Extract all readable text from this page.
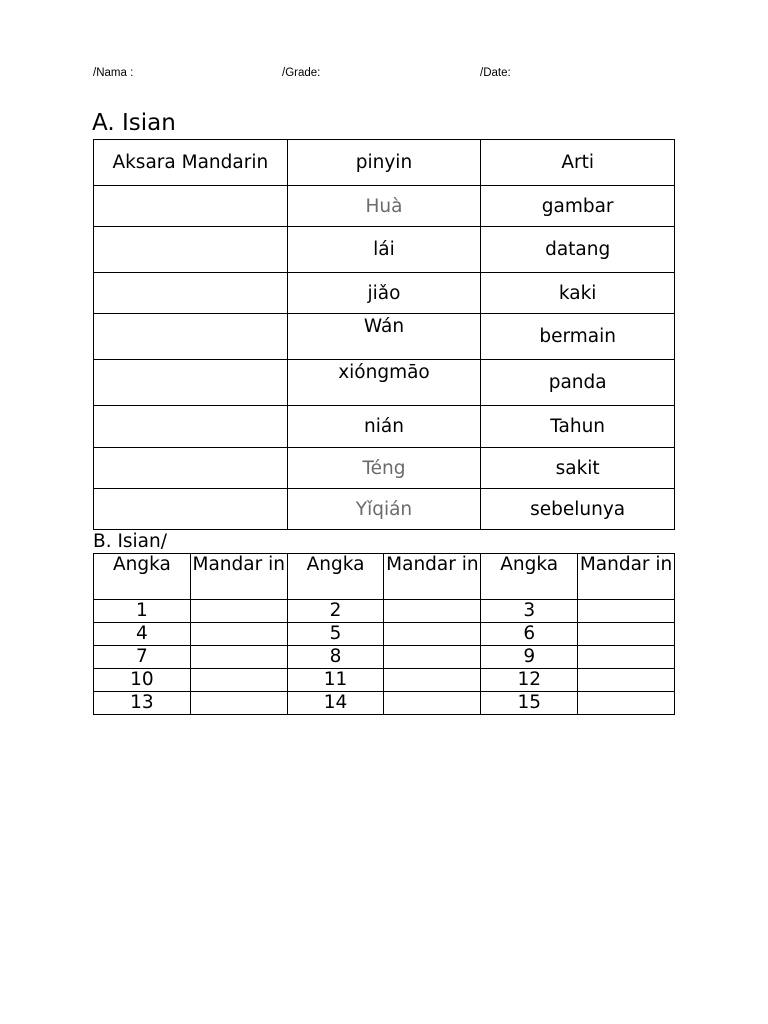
/Nama :	/Grade:	/Date:
A. Isian
Aksara Mandarin	pinyin	Arti
	Huà	gambar
	lái	datang
	jiǎo	kaki
	Wán	bermain
	xióngmāo	panda
	nián	Tahun
	Téng	sakit
	Yǐqián	sebelunya
B. Isian/
Angka	Mandar in	Angka	Mandar in	Angka	Mandar in
1		2		3	
4		5		6	
7		8		9	
10		11		12	
13		14		15	
